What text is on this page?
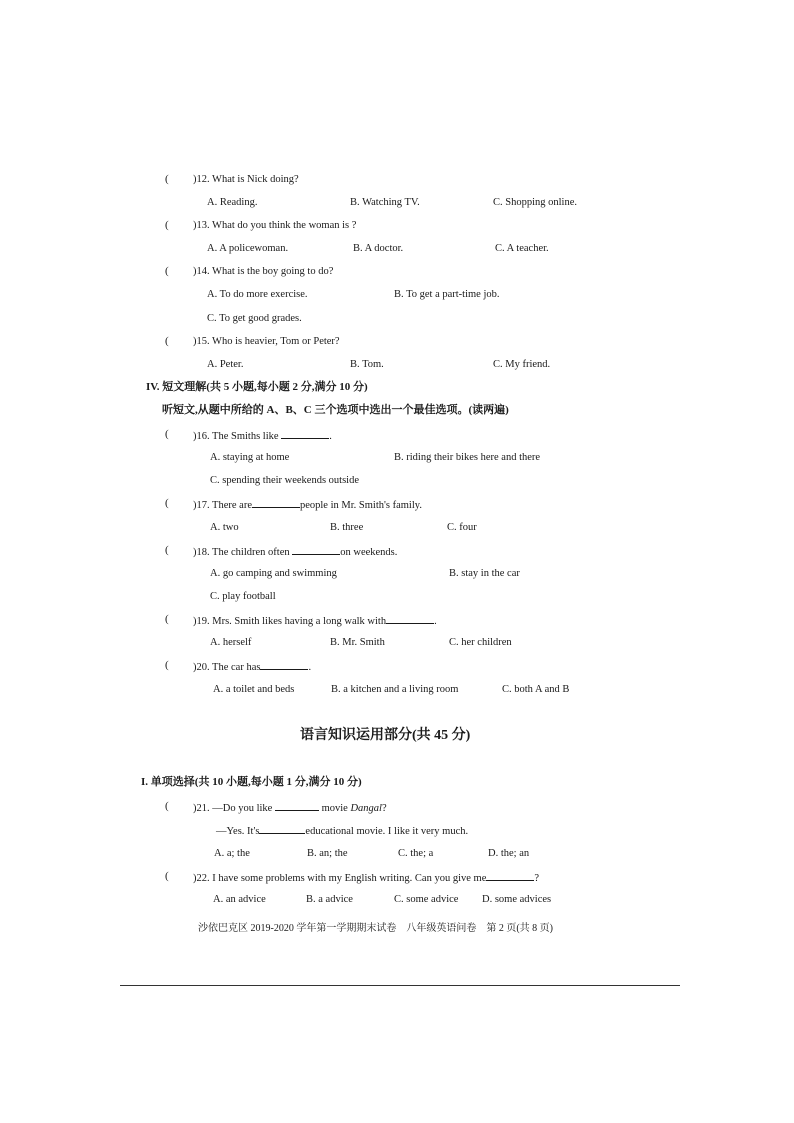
( )12. What is Nick doing?
A. Reading.	B. Watching TV.	C. Shopping online.
( )13. What do you think the woman is ?
A. A policewoman.	B. A doctor.	C. A teacher.
( )14. What is the boy going to do?
A. To do more exercise.	B. To get a part-time job.
C. To get good grades.
( )15. Who is heavier, Tom or Peter?
A. Peter.	B. Tom.	C. My friend.
IV. 短文理解(共 5 小题,每小题 2 分,满分 10 分)
听短文,从题中所给的 A、B、C 三个选项中选出一个最佳选项。(读两遍)
( )16. The Smiths like	.
A. staying at home	B. riding their bikes here and there
C. spending their weekends outside
( )17. There are	people in Mr. Smith's family.
A. two	B. three	C. four
( )18. The children often	on weekends.
A. go camping and swimming	B. stay in the car
C. play football
( )19. Mrs. Smith likes having a long walk with	.
A. herself	B. Mr. Smith	C. her children
( )20. The car has	.
A. a toilet and beds	B. a kitchen and a living room	C. both A and B
语言知识运用部分(共 45 分)
I. 单项选择(共 10 小题,每小题 1 分,满分 10 分)
( )21. —Do you like	movie Dangal?
—Yes. It's	educational movie. I like it very much.
A. a; the	B. an; the	C. the; a	D. the; an
( )22. I have some problems with my English writing. Can you give me	?
A. an advice	B. a advice	C. some advice D. some advices
沙依巴克区 2019-2020 学年第一学期期末试卷    八年级英语问卷    第 2 页(共 8 页)
